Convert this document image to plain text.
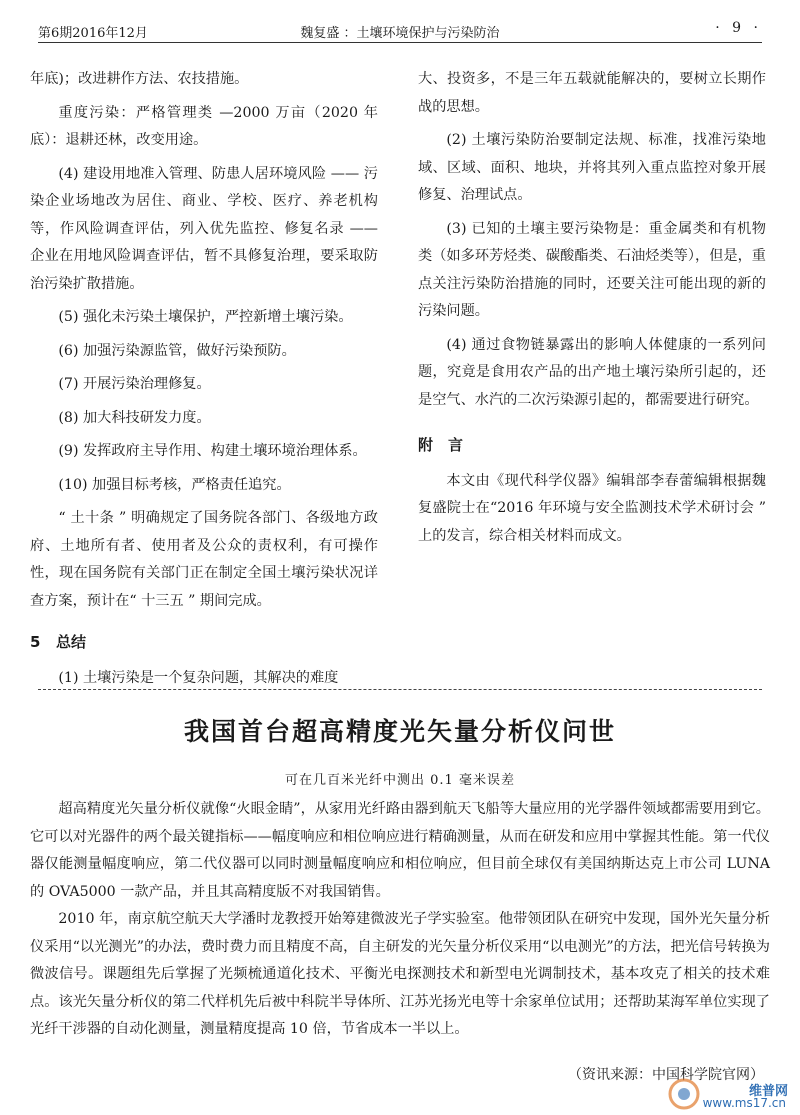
第6期2016年12月	魏复盛 ：土壤环境保护与污染防治	· 9 ·

年底)；改进耕作方法、农技措施。

重度污染：严格管理类 —2000 万亩（2020 年底）：退耕还林，改变用途。

(4) 建设用地准入管理、防患人居环境风险 —— 污染企业场地改为居住、商业、学校、医疗、养老机构等，作风险调查评估，列入优先监控、修复名录 —— 企业在用地风险调查评估，暂不具修复治理，要采取防治污染扩散措施。

(5) 强化未污染土壤保护，严控新增土壤污染。

(6) 加强污染源监管，做好污染预防。

(7) 开展污染治理修复。

(8) 加大科技研发力度。

(9) 发挥政府主导作用、构建土壤环境治理体系。

(10) 加强目标考核，严格责任追究。

“ 土十条 ” 明确规定了国务院各部门、各级地方政府、土地所有者、使用者及公众的责权利，有可操作性，现在国务院有关部门正在制定全国土壤污染状况详查方案，预计在“ 十三五 ” 期间完成。

5 总结

(1) 土壤污染是一个复杂问题，其解决的难度

大、投资多，不是三年五载就能解决的，要树立长期作战的思想。

(2) 土壤污染防治要制定法规、标准，找准污染地域、区域、面积、地块，并将其列入重点监控对象开展修复、治理试点。

(3) 已知的土壤主要污染物是：重金属类和有机物类（如多环芳烃类、碳酸酯类、石油烃类等），但是，重点关注污染防治措施的同时，还要关注可能出现的新的污染问题。

(4) 通过食物链暴露出的影响人体健康的一系列问题，究竟是食用农产品的出产地土壤污染所引起的，还是空气、水汽的二次污染源引起的，都需要进行研究。

附　言

本文由《现代科学仪器》编辑部李春蕾编辑根据魏复盛院士在“2016 年环境与安全监测技术学术研讨会 ” 上的发言，综合相关材料而成文。

我国首台超高精度光矢量分析仪问世
可在几百米光纤中测出 0.1 毫米误差

超高精度光矢量分析仪就像“火眼金睛”，从家用光纤路由器到航天飞船等大量应用的光学器件领域都需要用到它。它可以对光器件的两个最关键指标——幅度响应和相位响应进行精确测量，从而在研发和应用中掌握其性能。第一代仪器仅能测量幅度响应，第二代仪器可以同时测量幅度响应和相位响应，但目前全球仅有美国纳斯达克上市公司 LUNA 的 OVA5000 一款产品，并且其高精度版不对我国销售。

2010 年，南京航空航天大学潘时龙教授开始筹建微波光子学实验室。他带领团队在研究中发现，国外光矢量分析仪采用“以光测光”的办法，费时费力而且精度不高，自主研发的光矢量分析仪采用“以电测光”的方法，把光信号转换为微波信号。课题组先后掌握了光频梳通道化技术、平衡光电探测技术和新型电光调制技术，基本攻克了相关的技术难点。该光矢量分析仪的第二代样机先后被中科院半导体所、江苏光扬光电等十余家单位试用；还帮助某海军单位实现了光纤干涉器的自动化测量，测量精度提高 10 倍，节省成本一半以上。

（资讯来源：中国科学院官网）
维普网
www.ms17.cn
